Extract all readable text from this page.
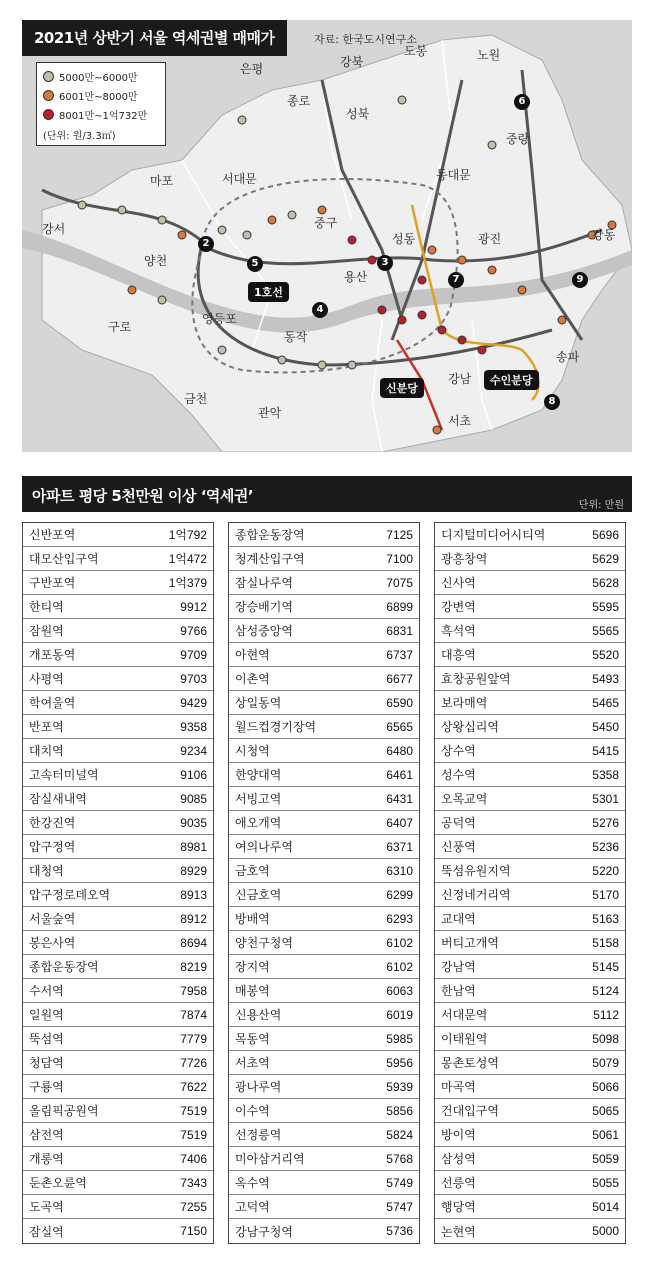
2021년 상반기 서울 역세권별 매매가	자료: 한국도시연구소
5000만~6000만
6001만~8000만
8001만~1억732만
(단위: 원/3.3㎡)
2
3
4
5
6
7
8
9
1호선
신분당
수인분당
은평	강북
도봉	노원
종로
성북
중랑
마포	서대문	동대문
강서	중구
성동	광진	강동
양천
용산
구로
영등포
동작
송파
강남
금천
관악
서초
아파트 평당 5천만원 이상 ‘역세권’
단위: 만원
신반포역	1억792
대모산입구역	1억472
구반포역	1억379
한티역	9912
잠원역	9766
개포동역	9709
사평역	9703
학여울역	9429
반포역	9358
대치역	9234
고속터미널역	9106
잠실새내역	9085
한강진역	9035
압구정역	8981
대청역	8929
압구정로데오역	8913
서울숲역	8912
봉은사역	8694
종합운동장역	8219
수서역	7958
일원역	7874
뚝섬역	7779
청담역	7726
구룡역	7622
올림픽공원역	7519
삼전역	7519
개롱역	7406
둔촌오륜역	7343
도곡역	7255
잠실역	7150
종합운동장역	7125
청계산입구역	7100
잠실나루역	7075
장승배기역	6899
삼성중앙역	6831
아현역	6737
이촌역	6677
상일동역	6590
월드컵경기장역	6565
시청역	6480
한양대역	6461
서빙고역	6431
애오개역	6407
여의나루역	6371
금호역	6310
신금호역	6299
방배역	6293
양천구청역	6102
장지역	6102
매봉역	6063
신용산역	6019
목동역	5985
서초역	5956
광나루역	5939
이수역	5856
선정릉역	5824
미아삼거리역	5768
옥수역	5749
고덕역	5747
강남구청역	5736
디지털미디어시티역	5696
광흥창역	5629
신사역	5628
강변역	5595
흑석역	5565
대흥역	5520
효창공원앞역	5493
보라매역	5465
상왕십리역	5450
상수역	5415
성수역	5358
오목교역	5301
공덕역	5276
신풍역	5236
뚝섬유원지역	5220
신정네거리역	5170
교대역	5163
버티고개역	5158
강남역	5145
한남역	5124
서대문역	5112
이태원역	5098
몽촌토성역	5079
마곡역	5066
건대입구역	5065
방이역	5061
삼성역	5059
선릉역	5055
행당역	5014
논현역	5000
